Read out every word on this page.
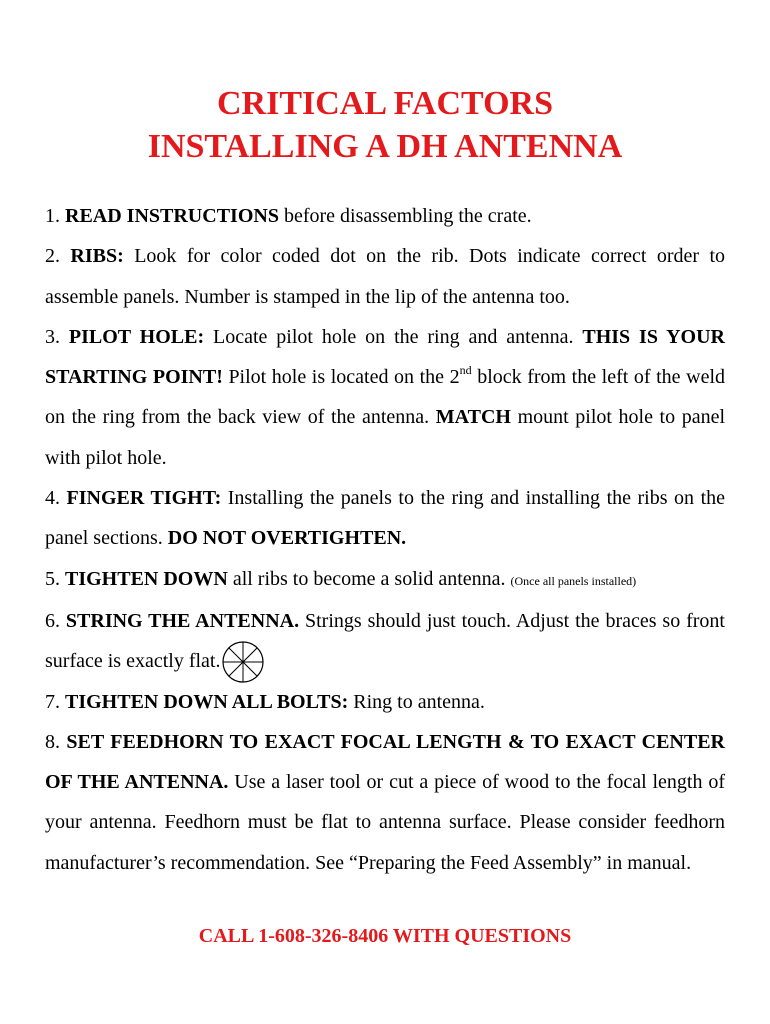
CRITICAL FACTORS
INSTALLING A DH ANTENNA

1. READ INSTRUCTIONS before disassembling the crate.

2. RIBS: Look for color coded dot on the rib. Dots indicate correct order to assemble panels. Number is stamped in the lip of the antenna too.

3. PILOT HOLE: Locate pilot hole on the ring and antenna. THIS IS YOUR STARTING POINT! Pilot hole is located on the 2nd block from the left of the weld on the ring from the back view of the antenna. MATCH mount pilot hole to panel with pilot hole.

4. FINGER TIGHT: Installing the panels to the ring and installing the ribs on the panel sections. DO NOT OVERTIGHTEN.

5. TIGHTEN DOWN all ribs to become a solid antenna. (Once all panels installed)

6. STRING THE ANTENNA. Strings should just touch. Adjust the braces so front surface is exactly flat.

7. TIGHTEN DOWN ALL BOLTS: Ring to antenna.

8. SET FEEDHORN TO EXACT FOCAL LENGTH & TO EXACT CENTER OF THE ANTENNA. Use a laser tool or cut a piece of wood to the focal length of your antenna. Feedhorn must be flat to antenna surface. Please consider feedhorn manufacturer’s recommendation. See “Preparing the Feed Assembly” in manual.

CALL 1-608-326-8406 WITH QUESTIONS
